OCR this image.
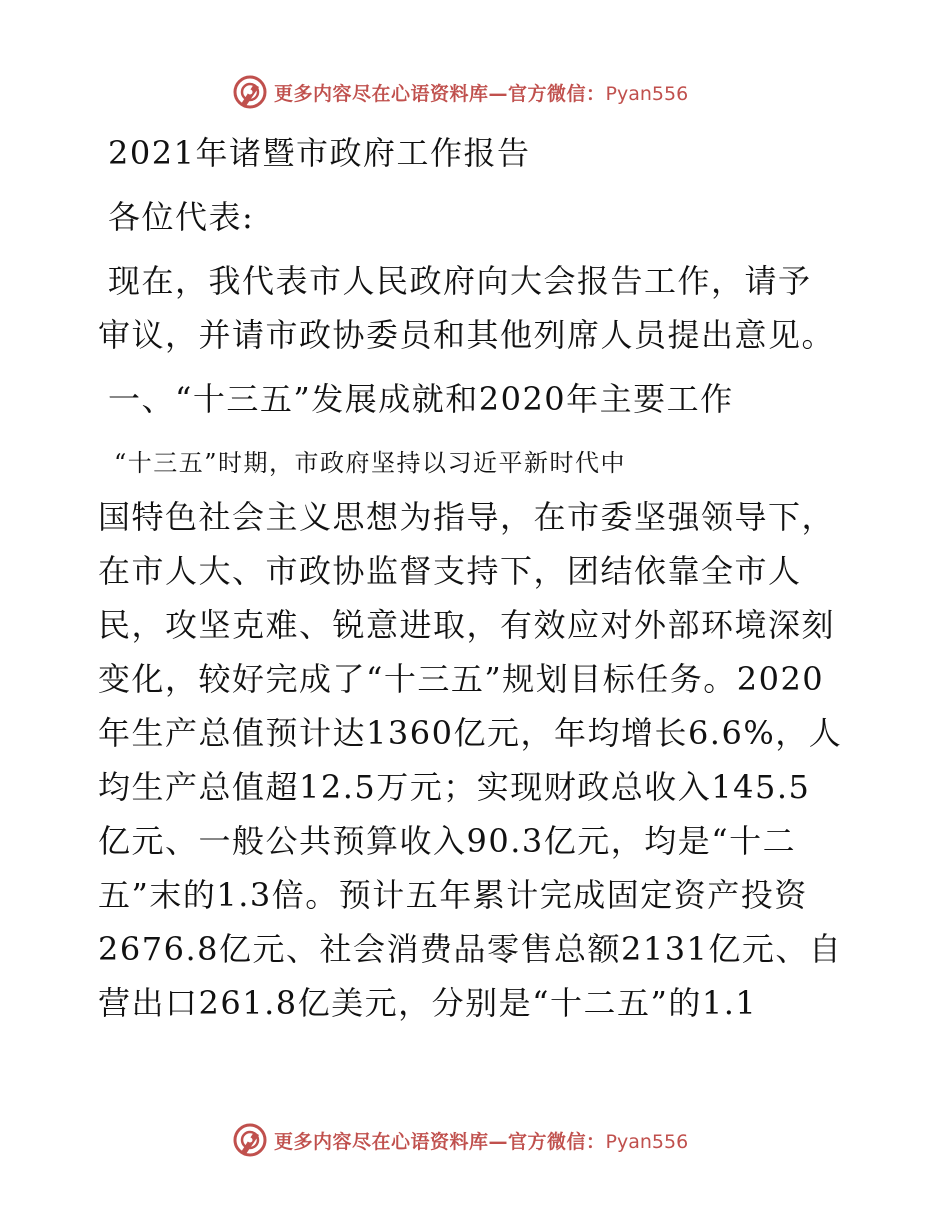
更多内容尽在心语资料库—官方微信：Pyan556
2021年诸暨市政府工作报告
各位代表:
现在，我代表市人民政府向大会报告工作，请予
审议，并请市政协委员和其他列席人员提出意见。
一、“十三五”发展成就和2020年主要工作
“十三五”时期，市政府坚持以习近平新时代中
国特色社会主义思想为指导，在市委坚强领导下，
在市人大、市政协监督支持下，团结依靠全市人
民，攻坚克难、锐意进取，有效应对外部环境深刻
变化，较好完成了“十三五”规划目标任务。2020
年生产总值预计达1360亿元，年均增长6.6%，人
均生产总值超12.5万元；实现财政总收入145.5
亿元、一般公共预算收入90.3亿元，均是“十二
五”末的1.3倍。预计五年累计完成固定资产投资
2676.8亿元、社会消费品零售总额2131亿元、自
营出口261.8亿美元，分别是“十二五”的1.1
更多内容尽在心语资料库—官方微信：Pyan556
